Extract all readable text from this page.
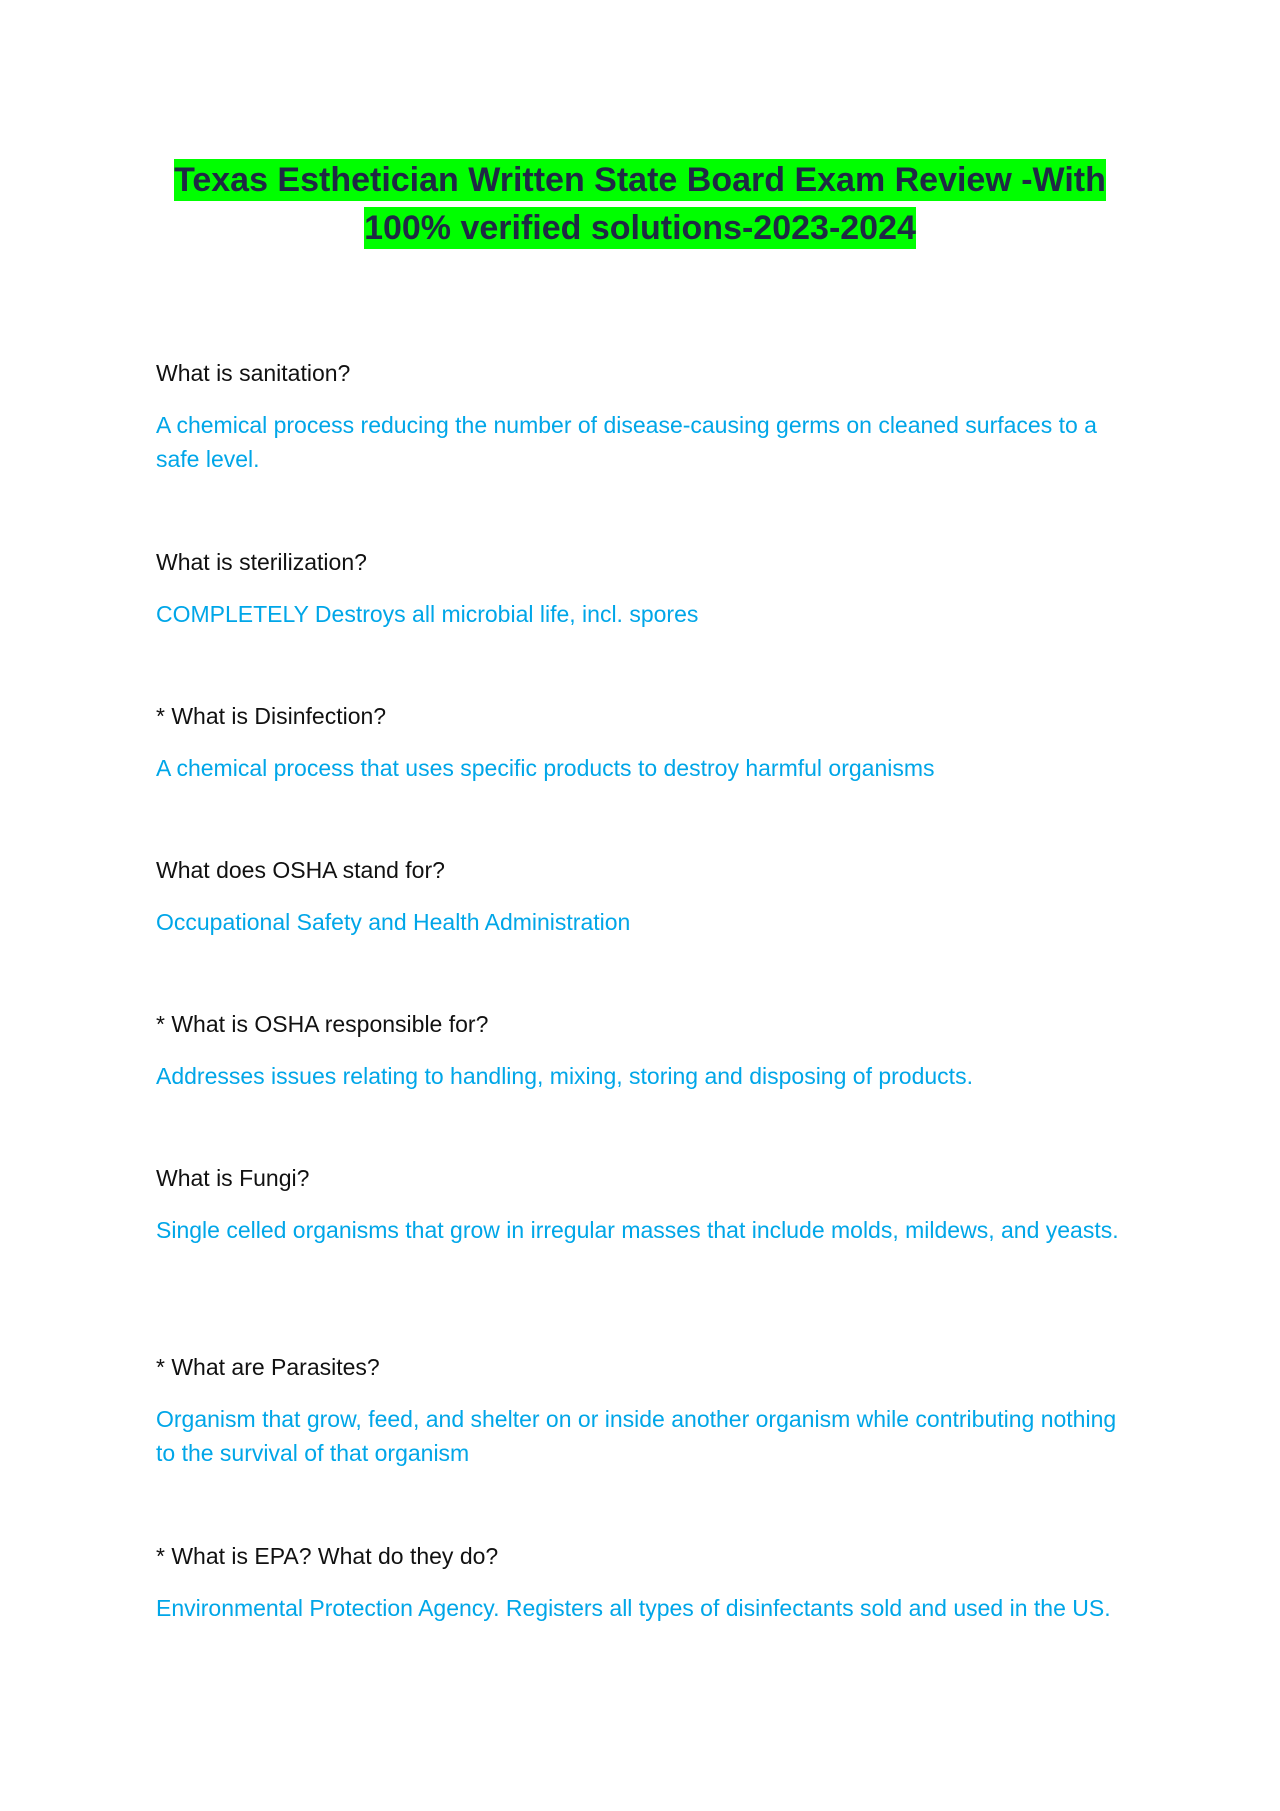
Texas Esthetician Written State Board Exam Review -With 100% verified solutions-2023-2024

What is sanitation?

A chemical process reducing the number of disease-causing germs on cleaned surfaces to a safe level.

What is sterilization?

COMPLETELY Destroys all microbial life, incl. spores

* What is Disinfection?

A chemical process that uses specific products to destroy harmful organisms

What does OSHA stand for?

Occupational Safety and Health Administration

* What is OSHA responsible for?

Addresses issues relating to handling, mixing, storing and disposing of products.

What is Fungi?

Single celled organisms that grow in irregular masses that include molds, mildews, and yeasts.

* What are Parasites?

Organism that grow, feed, and shelter on or inside another organism while contributing nothing to the survival of that organism

* What is EPA? What do they do?

Environmental Protection Agency. Registers all types of disinfectants sold and used in the US.
